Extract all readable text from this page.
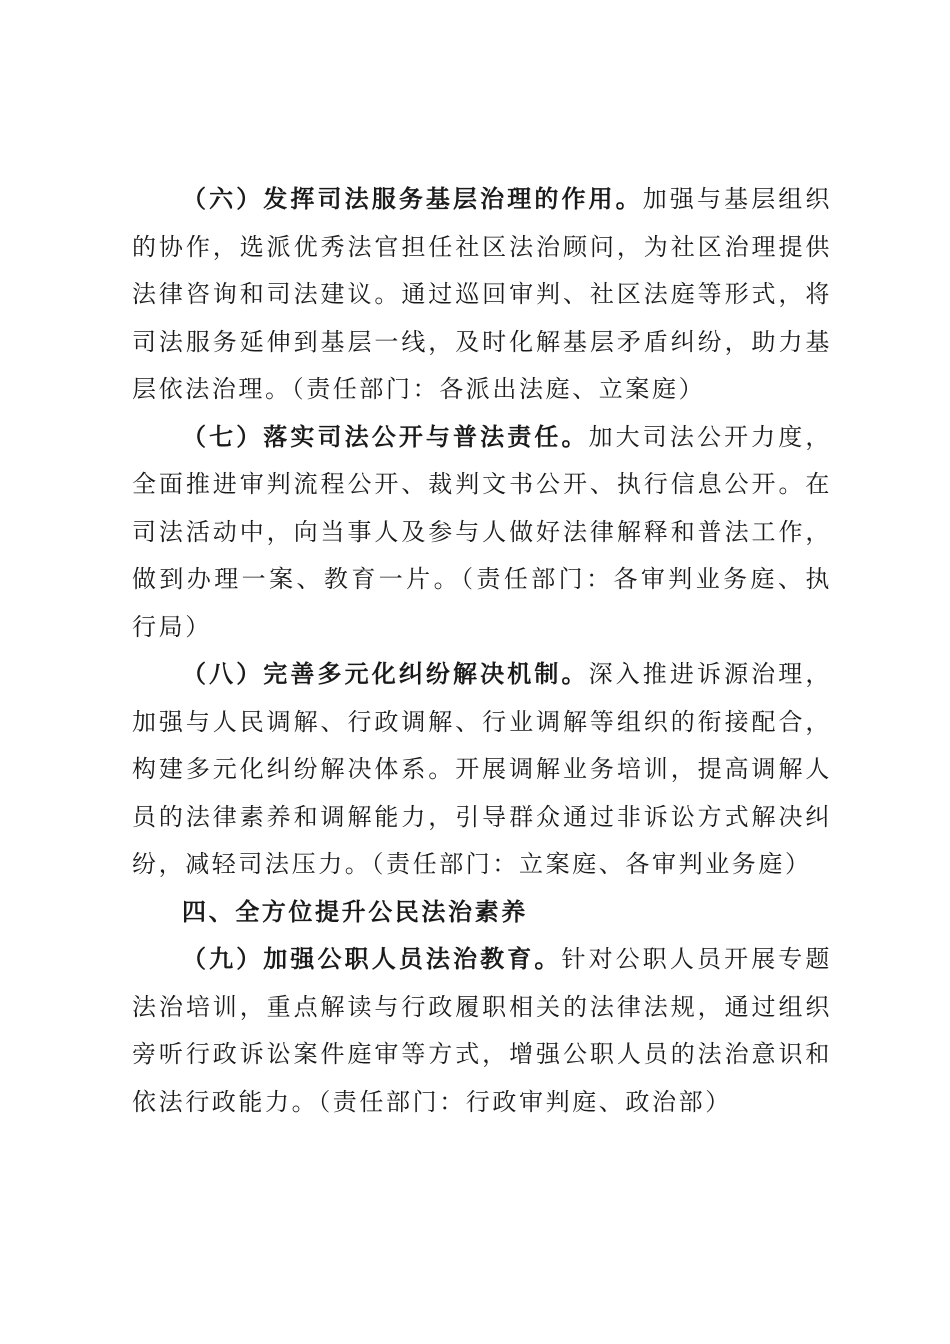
（六）发挥司法服务基层治理的作用。加强与基层组织的协作，选派优秀法官担任社区法治顾问，为社区治理提供法律咨询和司法建议。通过巡回审判、社区法庭等形式，将司法服务延伸到基层一线，及时化解基层矛盾纠纷，助力基层依法治理。（责任部门：各派出法庭、立案庭）

（七）落实司法公开与普法责任。加大司法公开力度，全面推进审判流程公开、裁判文书公开、执行信息公开。在司法活动中，向当事人及参与人做好法律解释和普法工作，做到办理一案、教育一片。（责任部门：各审判业务庭、执行局）

（八）完善多元化纠纷解决机制。深入推进诉源治理，加强与人民调解、行政调解、行业调解等组织的衔接配合，构建多元化纠纷解决体系。开展调解业务培训，提高调解人员的法律素养和调解能力，引导群众通过非诉讼方式解决纠纷，减轻司法压力。（责任部门：立案庭、各审判业务庭）

四、全方位提升公民法治素养

（九）加强公职人员法治教育。针对公职人员开展专题法治培训，重点解读与行政履职相关的法律法规，通过组织旁听行政诉讼案件庭审等方式，增强公职人员的法治意识和依法行政能力。（责任部门：行政审判庭、政治部）
